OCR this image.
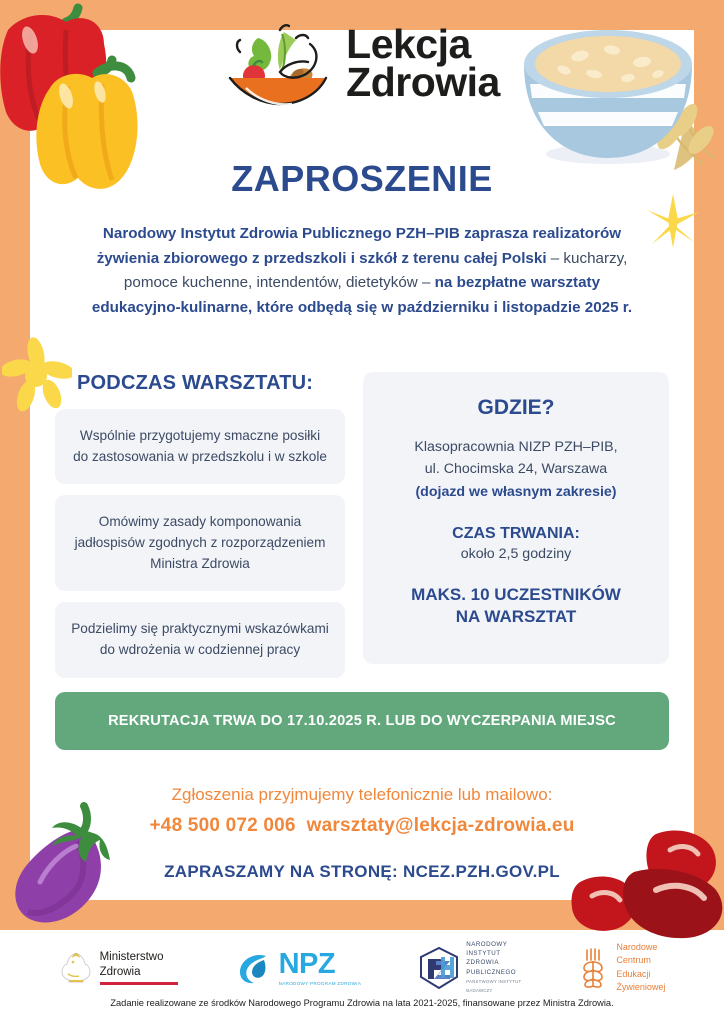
Lekcja
Zdrowia
ZAPROSZENIE
Narodowy Instytut Zdrowia Publicznego PZH–PIB zaprasza realizatorów żywienia zbiorowego z przedszkoli i szkół z terenu całej Polski – kucharzy, pomoce kuchenne, intendentów, dietetyków – na bezpłatne warsztaty edukacyjno-kulinarne, które odbędą się w październiku i listopadzie 2025 r.
PODCZAS WARSZTATU:
Wspólnie przygotujemy smaczne posiłki do zastosowania w przedszkolu i w szkole
Omówimy zasady komponowania jadłospisów zgodnych z rozporządzeniem Ministra Zdrowia
Podzielimy się praktycznymi wskazówkami do wdrożenia w codziennej pracy
GDZIE?
Klasopracownia NIZP PZH–PIB,
ul. Chocimska 24, Warszawa
(dojazd we własnym zakresie)
CZAS TRWANIA:
około 2,5 godziny
MAKS. 10 UCZESTNIKÓW
NA WARSZTAT
REKRUTACJA TRWA DO 17.10.2025 R. LUB DO WYCZERPANIA MIEJSC
Zgłoszenia przyjmujemy telefonicznie lub mailowo:
+48 500 072 006 warsztaty@lekcja-zdrowia.eu
ZAPRASZAMY NA STRONĘ: NCEZ.PZH.GOV.PL
Ministerstwo
Zdrowia	NPZ
NARODOWY PROGRAM ZDROWIA
NARODOWY
INSTYTUT
ZDROWIA
PUBLICZNEGO
PAŃSTWOWY INSTYTUT
BADAWCZY
Narodowe
Centrum
Edukacji
Żywieniowej
Zadanie realizowane ze środków Narodowego Programu Zdrowia na lata 2021-2025, finansowane przez Ministra Zdrowia.
